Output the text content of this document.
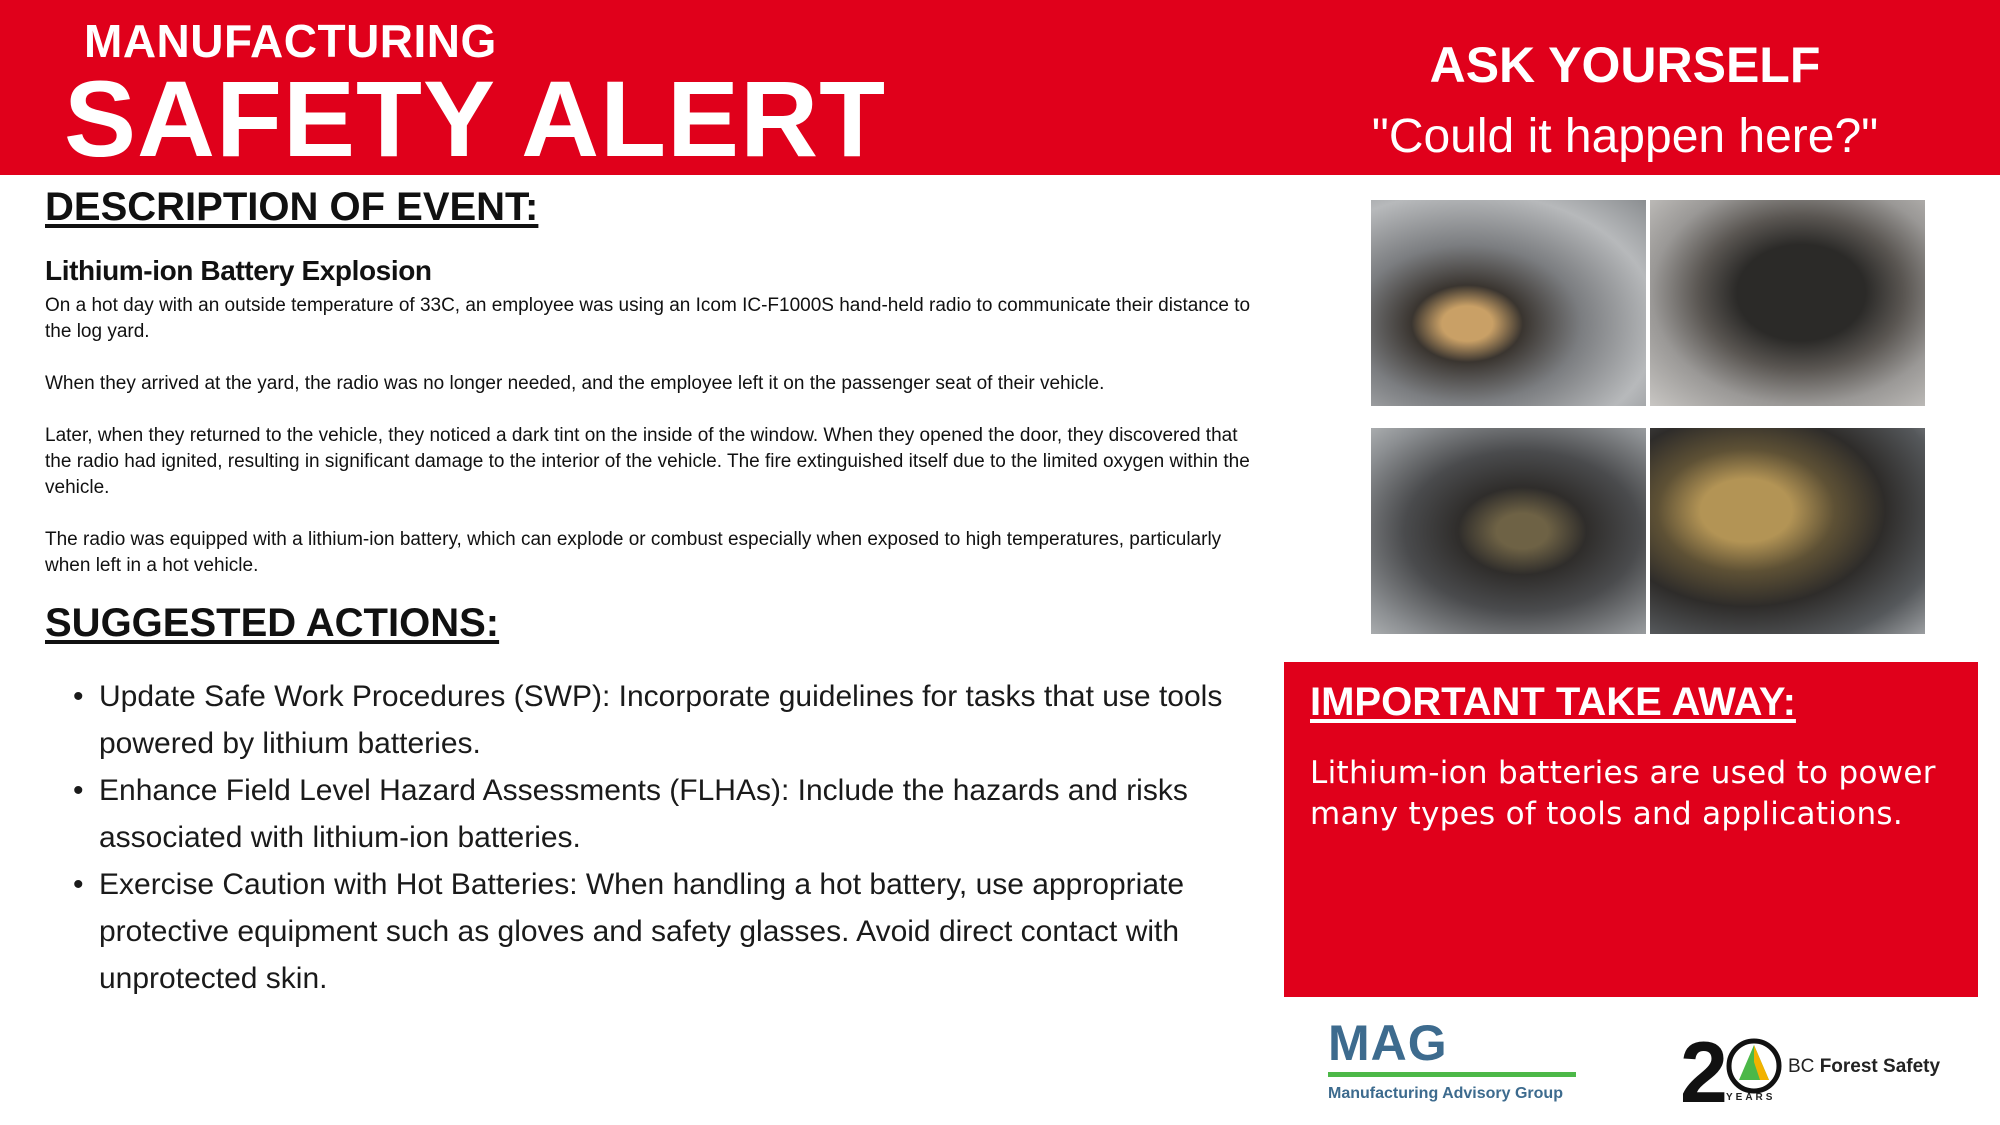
MANUFACTURING
SAFETY ALERT	ASK YOURSELF
"Could it happen here?"
DESCRIPTION OF EVENT:
Lithium-ion Battery Explosion

On a hot day with an outside temperature of 33C, an employee was using an Icom IC-F1000S hand-held radio to communicate their distance to the log yard.

When they arrived at the yard, the radio was no longer needed, and the employee left it on the passenger seat of their vehicle.

Later, when they returned to the vehicle, they noticed a dark tint on the inside of the window. When they opened the door, they discovered that the radio had ignited, resulting in significant damage to the interior of the vehicle. The fire extinguished itself due to the limited oxygen within the vehicle.

The radio was equipped with a lithium-ion battery, which can explode or combust especially when exposed to high temperatures, particularly when left in a hot vehicle.

SUGGESTED ACTIONS:
• Update Safe Work Procedures (SWP): Incorporate guidelines for tasks that use tools powered by lithium batteries.
• Enhance Field Level Hazard Assessments (FLHAs): Include the hazards and risks associated with lithium-ion batteries.
• Exercise Caution with Hot Batteries: When handling a hot battery, use appropriate protective equipment such as gloves and safety glasses. Avoid direct contact with unprotected skin.
IMPORTANT TAKE AWAY:
Lithium-ion batteries are used to power many types of tools and applications.
MAG
Manufacturing Advisory Group 2
YEARS
BC Forest Safety
